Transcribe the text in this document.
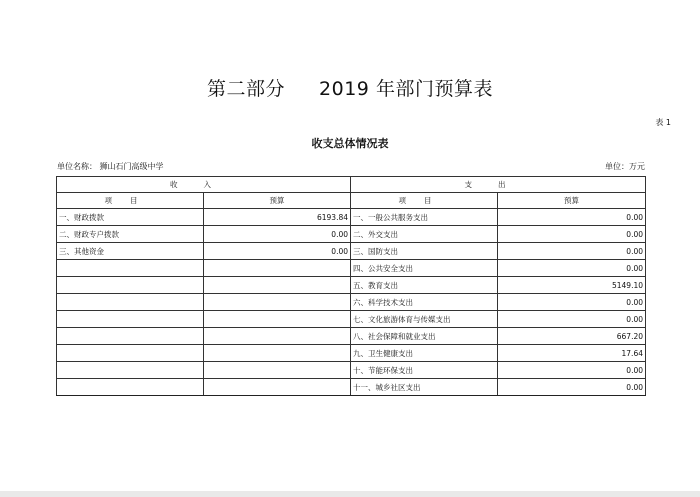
第二部分 2019 年部门预算表
表 1
收支总体情况表
单位名称： 狮山石门高级中学	单位：万元
收入		支出	
项目	预算	项目	预算
一、财政拨款	6193.84	一、一般公共服务支出	0.00
二、财政专户拨款	0.00	二、外交支出	0.00
三、其他资金	0.00	三、国防支出	0.00
		四、公共安全支出	0.00
		五、教育支出	5149.10
		六、科学技术支出	0.00
		七、文化旅游体育与传媒支出	0.00
		八、社会保障和就业支出	667.20
		九、卫生健康支出	17.64
		十、节能环保支出	0.00
		十一、城乡社区支出	0.00
